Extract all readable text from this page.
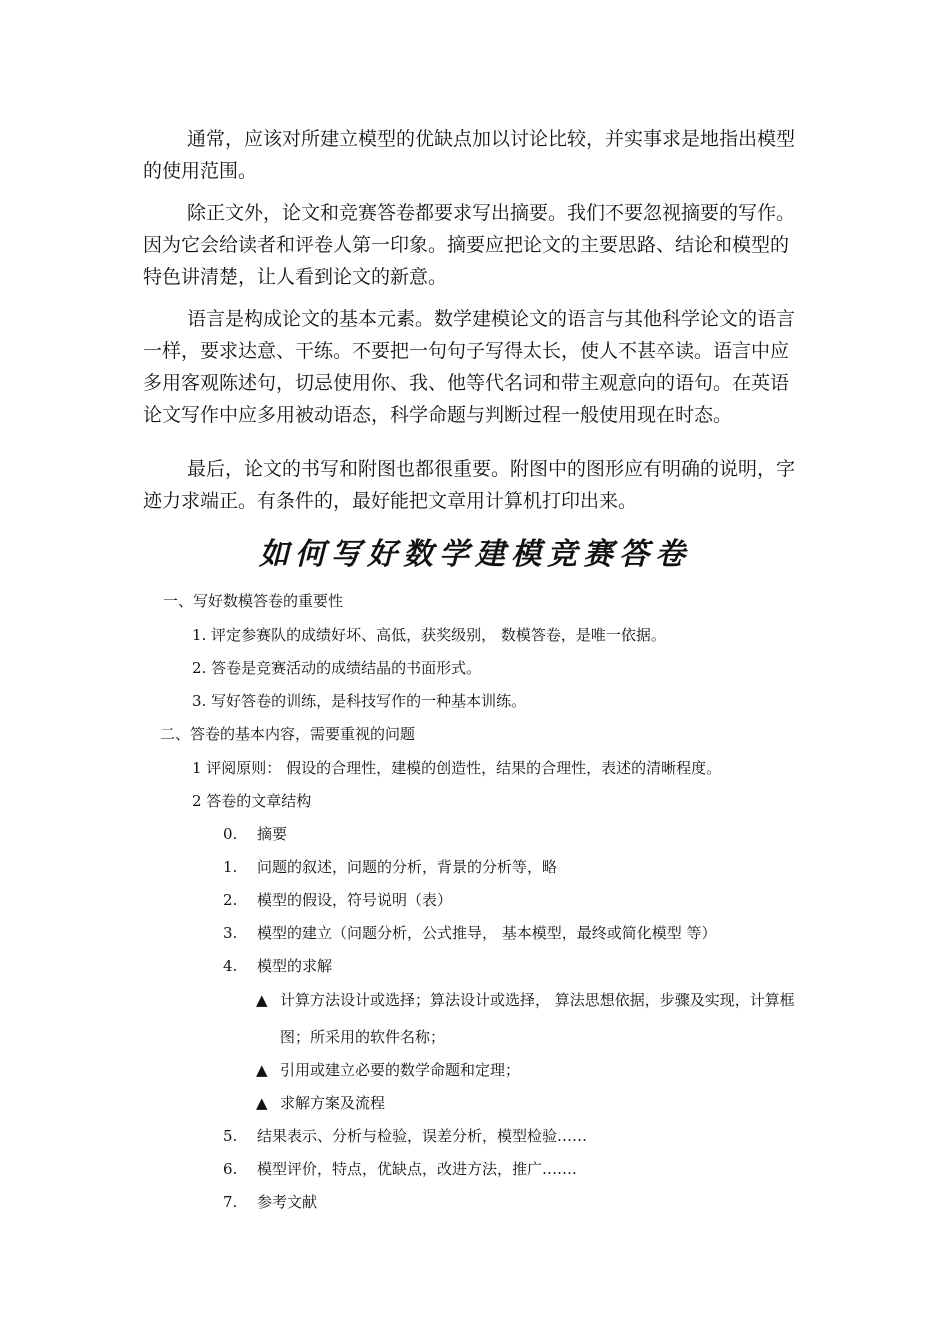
通常，应该对所建立模型的优缺点加以讨论比较，并实事求是地指出模型的使用范围。

除正文外，论文和竞赛答卷都要求写出摘要。我们不要忽视摘要的写作。因为它会给读者和评卷人第一印象。摘要应把论文的主要思路、结论和模型的特色讲清楚，让人看到论文的新意。

语言是构成论文的基本元素。数学建模论文的语言与其他科学论文的语言一样，要求达意、干练。不要把一句句子写得太长，使人不甚卒读。语言中应多用客观陈述句，切忌使用你、我、他等代名词和带主观意向的语句。在英语论文写作中应多用被动语态，科学命题与判断过程一般使用现在时态。

最后，论文的书写和附图也都很重要。附图中的图形应有明确的说明，字迹力求端正。有条件的，最好能把文章用计算机打印出来。

如何写好数学建模竞赛答卷
一、写好数模答卷的重要性
1. 评定参赛队的成绩好坏、高低，获奖级别， 数模答卷，是唯一依据。
2. 答卷是竞赛活动的成绩结晶的书面形式。
3. 写好答卷的训练，是科技写作的一种基本训练。
二、答卷的基本内容，需要重视的问题
1 评阅原则： 假设的合理性，建模的创造性，结果的合理性，表述的清晰程度。
2 答卷的文章结构
0. 摘要
1. 问题的叙述，问题的分析，背景的分析等，略
2. 模型的假设，符号说明（表）
3. 模型的建立（问题分析，公式推导， 基本模型，最终或简化模型 等）
4. 模型的求解
▲ 计算方法设计或选择；算法设计或选择， 算法思想依据，步骤及实现，计算框
图；所采用的软件名称；
▲ 引用或建立必要的数学命题和定理；
▲ 求解方案及流程
5. 结果表示、分析与检验，误差分析，模型检验……
6. 模型评价，特点，优缺点，改进方法，推广…….
7. 参考文献
